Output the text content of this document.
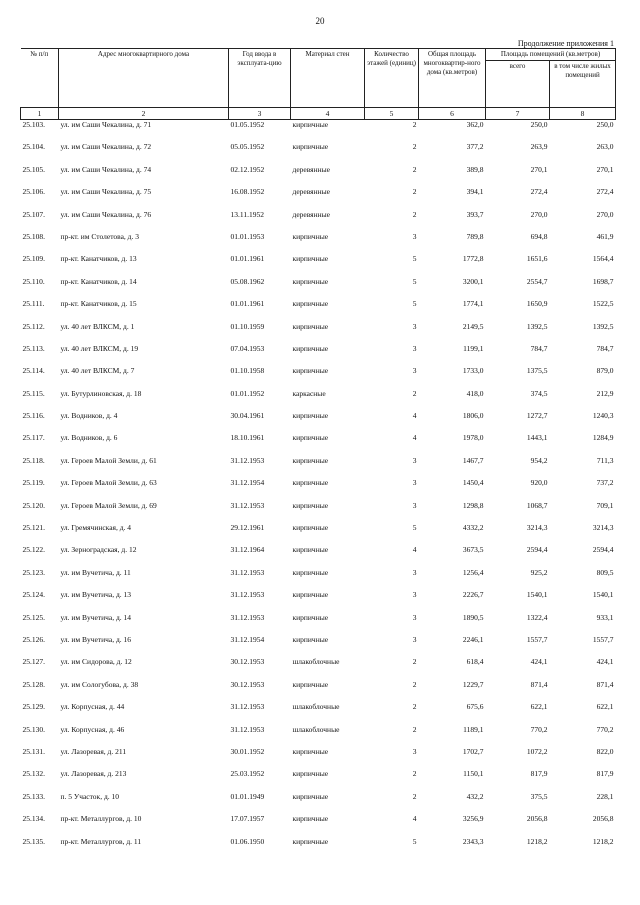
20
Продолжение приложения 1
№ п/п	Адрес многоквартирного дома	Год ввода в эксплуата-цию	Материал стен	Количество этажей (единиц)	Общая площадь многоквартир-ного дома (кв.метров)	Площадь помещений (кв.метров)	
						всего	в том числе жилых помещений
1	2	3	4	5	6	7	8
25.103.	ул. им Саши Чекалина, д. 71	01.05.1952	кирпичные	2	362,0	250,0	250,0
25.104.	ул. им Саши Чекалина, д. 72	05.05.1952	кирпичные	2	377,2	263,9	263,0
25.105.	ул. им Саши Чекалина, д. 74	02.12.1952	деревянные	2	389,8	270,1	270,1
25.106.	ул. им Саши Чекалина, д. 75	16.08.1952	деревянные	2	394,1	272,4	272,4
25.107.	ул. им Саши Чекалина, д. 76	13.11.1952	деревянные	2	393,7	270,0	270,0
25.108.	пр-кт. им Столетова, д. 3	01.01.1953	кирпичные	3	789,8	694,8	461,9
25.109.	пр-кт. Канатчиков, д. 13	01.01.1961	кирпичные	5	1772,8	1651,6	1564,4
25.110.	пр-кт. Канатчиков, д. 14	05.08.1962	кирпичные	5	3200,1	2554,7	1698,7
25.111.	пр-кт. Канатчиков, д. 15	01.01.1961	кирпичные	5	1774,1	1650,9	1522,5
25.112.	ул. 40 лет ВЛКСМ, д. 1	01.10.1959	кирпичные	3	2149,5	1392,5	1392,5
25.113.	ул. 40 лет ВЛКСМ, д. 19	07.04.1953	кирпичные	3	1199,1	784,7	784,7
25.114.	ул. 40 лет ВЛКСМ, д. 7	01.10.1958	кирпичные	3	1733,0	1375,5	879,0
25.115.	ул. Бутурлиновская, д. 18	01.01.1952	каркасные	2	418,0	374,5	212,9
25.116.	ул. Водников, д. 4	30.04.1961	кирпичные	4	1806,0	1272,7	1240,3
25.117.	ул. Водников, д. 6	18.10.1961	кирпичные	4	1978,0	1443,1	1284,9
25.118.	ул. Героев Малой Земли, д. 61	31.12.1953	кирпичные	3	1467,7	954,2	711,3
25.119.	ул. Героев Малой Земли, д. 63	31.12.1954	кирпичные	3	1450,4	920,0	737,2
25.120.	ул. Героев Малой Земли, д. 69	31.12.1953	кирпичные	3	1298,8	1068,7	709,1
25.121.	ул. Гремячинская, д. 4	29.12.1961	кирпичные	5	4332,2	3214,3	3214,3
25.122.	ул. Зерноградская, д. 12	31.12.1964	кирпичные	4	3673,5	2594,4	2594,4
25.123.	ул. им Вучетича, д. 11	31.12.1953	кирпичные	3	1256,4	925,2	809,5
25.124.	ул. им Вучетича, д. 13	31.12.1953	кирпичные	3	2226,7	1540,1	1540,1
25.125.	ул. им Вучетича, д. 14	31.12.1953	кирпичные	3	1890,5	1322,4	933,1
25.126.	ул. им Вучетича, д. 16	31.12.1954	кирпичные	3	2246,1	1557,7	1557,7
25.127.	ул. им Сидорова, д. 12	30.12.1953	шлакоблочные	2	618,4	424,1	424,1
25.128.	ул. им Сологубова, д. 38	30.12.1953	кирпичные	2	1229,7	871,4	871,4
25.129.	ул. Корпусная, д. 44	31.12.1953	шлакоблочные	2	675,6	622,1	622,1
25.130.	ул. Корпусная, д. 46	31.12.1953	шлакоблочные	2	1189,1	770,2	770,2
25.131.	ул. Лазоревая, д. 211	30.01.1952	кирпичные	3	1702,7	1072,2	822,0
25.132.	ул. Лазоревая, д. 213	25.03.1952	кирпичные	2	1150,1	817,9	817,9
25.133.	п. 5 Участок, д. 10	01.01.1949	кирпичные	2	432,2	375,5	228,1
25.134.	пр-кт. Металлургов, д. 10	17.07.1957	кирпичные	4	3256,9	2056,8	2056,8
25.135.	пр-кт. Металлургов, д. 11	01.06.1950	кирпичные	5	2343,3	1218,2	1218,2
